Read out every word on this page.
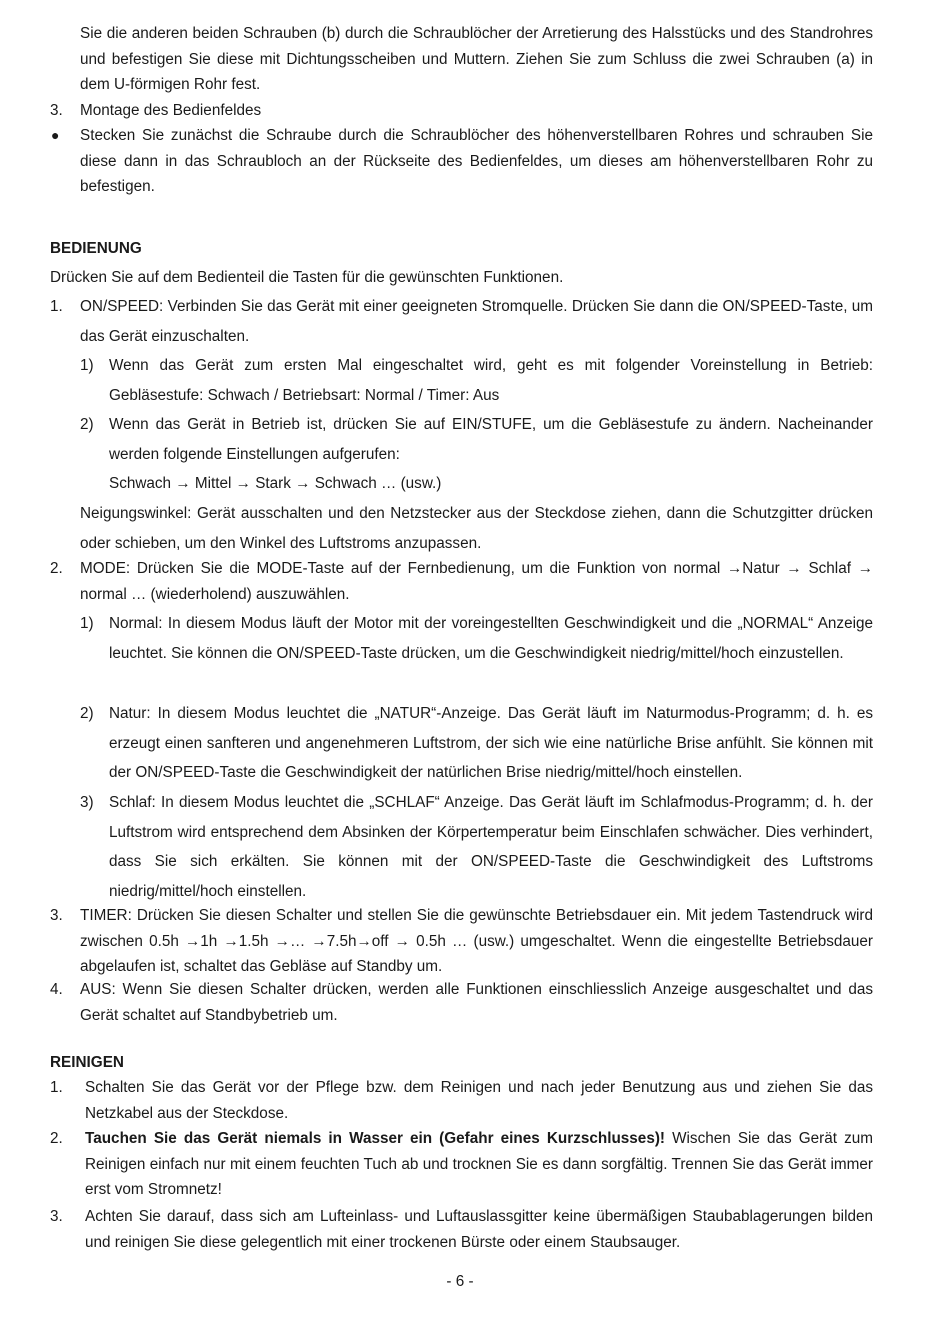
Sie die anderen beiden Schrauben (b) durch die Schraublöcher der Arretierung des Halsstücks und des Standrohres und befestigen Sie diese mit Dichtungsscheiben und Muttern. Ziehen Sie zum Schluss die zwei Schrauben (a) in dem U-förmigen Rohr fest.
3. Montage des Bedienfeldes
● Stecken Sie zunächst die Schraube durch die Schraublöcher des höhenverstellbaren Rohres und schrauben Sie diese dann in das Schraubloch an der Rückseite des Bedienfeldes, um dieses am höhenverstellbaren Rohr zu befestigen.
BEDIENUNG
Drücken Sie auf dem Bedienteil die Tasten für die gewünschten Funktionen.
1. ON/SPEED: Verbinden Sie das Gerät mit einer geeigneten Stromquelle. Drücken Sie dann die ON/SPEED-Taste, um das Gerät einzuschalten.
1) Wenn das Gerät zum ersten Mal eingeschaltet wird, geht es mit folgender Voreinstellung in Betrieb: Gebläsestufe: Schwach / Betriebsart: Normal / Timer: Aus
2) Wenn das Gerät in Betrieb ist, drücken Sie auf EIN/STUFE, um die Gebläsestufe zu ändern. Nacheinander werden folgende Einstellungen aufgerufen:
Schwach → Mittel → Stark → Schwach … (usw.)
Neigungswinkel: Gerät ausschalten und den Netzstecker aus der Steckdose ziehen, dann die Schutzgitter drücken oder schieben, um den Winkel des Luftstroms anzupassen.
2. MODE: Drücken Sie die MODE-Taste auf der Fernbedienung, um die Funktion von normal →Natur → Schlaf → normal … (wiederholend) auszuwählen.
1) Normal: In diesem Modus läuft der Motor mit der voreingestellten Geschwindigkeit und die „NORMAL“ Anzeige leuchtet. Sie können die ON/SPEED-Taste drücken, um die Geschwindigkeit niedrig/mittel/hoch einzustellen.
2) Natur: In diesem Modus leuchtet die „NATUR“-Anzeige. Das Gerät läuft im Naturmodus-Programm; d. h. es erzeugt einen sanfteren und angenehmeren Luftstrom, der sich wie eine natürliche Brise anfühlt. Sie können mit der ON/SPEED-Taste die Geschwindigkeit der natürlichen Brise niedrig/mittel/hoch einstellen.
3) Schlaf: In diesem Modus leuchtet die „SCHLAF“ Anzeige. Das Gerät läuft im Schlafmodus-Programm; d. h. der Luftstrom wird entsprechend dem Absinken der Körpertemperatur beim Einschlafen schwächer. Dies verhindert, dass Sie sich erkälten. Sie können mit der ON/SPEED-Taste die Geschwindigkeit des Luftstroms niedrig/mittel/hoch einstellen.
3. TIMER: Drücken Sie diesen Schalter und stellen Sie die gewünschte Betriebsdauer ein. Mit jedem Tastendruck wird zwischen 0.5h →1h →1.5h →… →7.5h→off → 0.5h … (usw.) umgeschaltet. Wenn die eingestellte Betriebsdauer abgelaufen ist, schaltet das Gebläse auf Standby um.
4. AUS: Wenn Sie diesen Schalter drücken, werden alle Funktionen einschliesslich Anzeige ausgeschaltet und das Gerät schaltet auf Standbybetrieb um.
REINIGEN
1. Schalten Sie das Gerät vor der Pflege bzw. dem Reinigen und nach jeder Benutzung aus und ziehen Sie das Netzkabel aus der Steckdose.
2. Tauchen Sie das Gerät niemals in Wasser ein (Gefahr eines Kurzschlusses)! Wischen Sie das Gerät zum Reinigen einfach nur mit einem feuchten Tuch ab und trocknen Sie es dann sorgfältig. Trennen Sie das Gerät immer erst vom Stromnetz!
3. Achten Sie darauf, dass sich am Lufteinlass- und Luftauslassgitter keine übermäßigen Staubablagerungen bilden und reinigen Sie diese gelegentlich mit einer trockenen Bürste oder einem Staubsauger.
- 6 -
